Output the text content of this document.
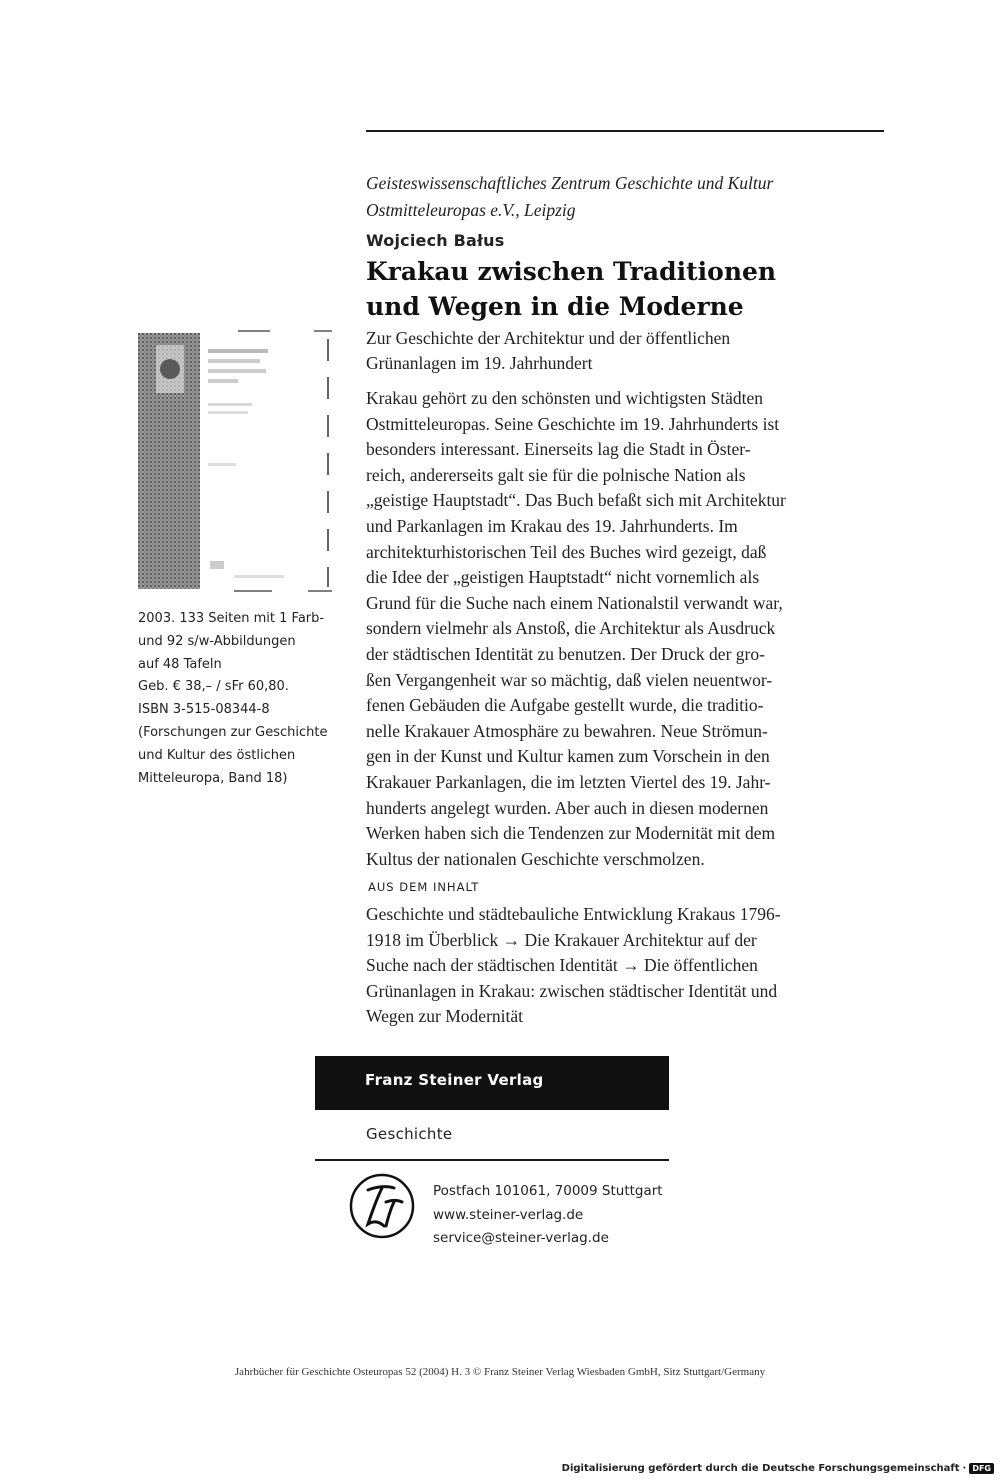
Geisteswissenschaftliches Zentrum Geschichte und Kultur
Ostmitteleuropas e.V., Leipzig
Wojciech Bałus
Krakau zwischen Traditionen
und Wegen in die Moderne
Zur Geschichte der Architektur und der öffentlichen
Grünanlagen im 19. Jahrhundert
Krakau gehört zu den schönsten und wichtigsten Städten
Ostmitteleuropas. Seine Geschichte im 19. Jahrhunderts ist
besonders interessant. Einerseits lag die Stadt in Öster-
reich, andererseits galt sie für die polnische Nation als
„geistige Hauptstadt“. Das Buch befaßt sich mit Architektur
und Parkanlagen im Krakau des 19. Jahrhunderts. Im
architekturhistorischen Teil des Buches wird gezeigt, daß
die Idee der „geistigen Hauptstadt“ nicht vornemlich als
Grund für die Suche nach einem Nationalstil verwandt war,
sondern vielmehr als Anstoß, die Architektur als Ausdruck
der städtischen Identität zu benutzen. Der Druck der gro-
ßen Vergangenheit war so mächtig, daß vielen neuentwor-
fenen Gebäuden die Aufgabe gestellt wurde, die traditio-
nelle Krakauer Atmosphäre zu bewahren. Neue Strömun-
gen in der Kunst und Kultur kamen zum Vorschein in den
Krakauer Parkanlagen, die im letzten Viertel des 19. Jahr-
hunderts angelegt wurden. Aber auch in diesen modernen
Werken haben sich die Tendenzen zur Modernität mit dem
Kultus der nationalen Geschichte verschmolzen.
AUS DEM INHALT
Geschichte und städtebauliche Entwicklung Krakaus 1796-
1918 im Überblick → Die Krakauer Architektur auf der
Suche nach der städtischen Identität → Die öffentlichen
Grünanlagen in Krakau: zwischen städtischer Identität und
Wegen zur Modernität
2003. 133 Seiten mit 1 Farb-
und 92 s/w-Abbildungen
auf 48 Tafeln
Geb. € 38,– / sFr 60,80.
ISBN 3-515-08344-8
(Forschungen zur Geschichte
und Kultur des östlichen
Mitteleuropa, Band 18)
Franz Steiner Verlag
Geschichte
Postfach 101061, 70009 Stuttgart
www.steiner-verlag.de
service@steiner-verlag.de
Jahrbücher für Geschichte Osteuropas 52 (2004) H. 3 © Franz Steiner Verlag Wiesbaden GmbH, Sitz Stuttgart/Germany
Digitalisierung gefördert durch die Deutsche Forschungsgemeinschaft · DFG
